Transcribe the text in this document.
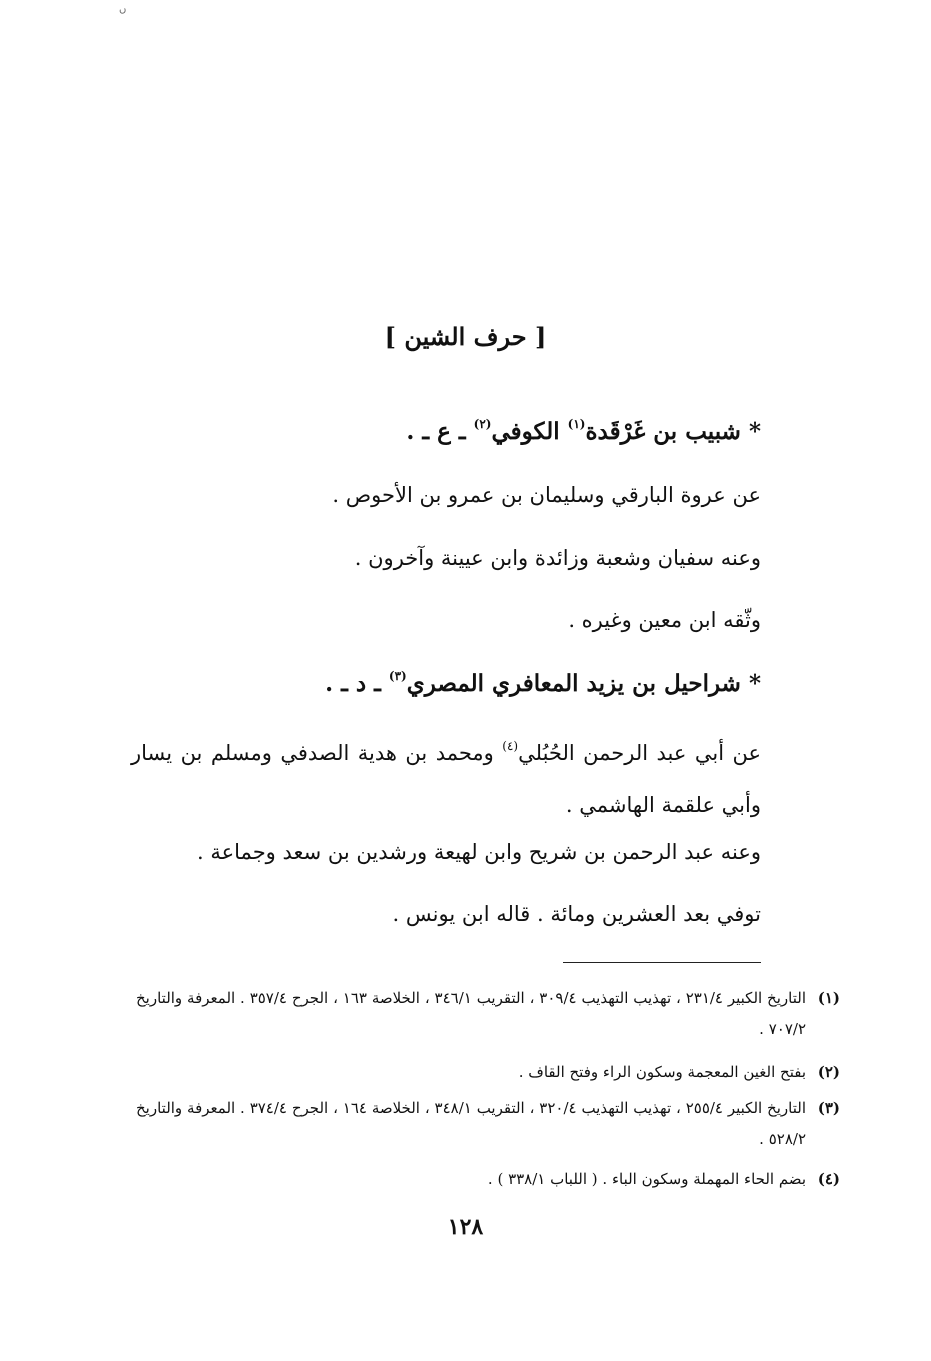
ں
[ حرف الشين ]
* شبيب بن غَرْقَدة$^{(١)}$ الكوفي$^{(٢)}$ ـ ع ـ .
عن عروة البارقي وسليمان بن عمرو بن الأحوص .
وعنه سفيان وشعبة وزائدة وابن عيينة وآخرون .
وثّقه ابن معين وغيره .
* شراحيل بن يزيد المعافري المصري$^{(٣)}$ ـ د ـ .
عن أبي عبد الرحمن الحُبُلي$^{(٤)}$ ومحمد بن هدية الصدفي ومسلم بن يسار وأبي علقمة الهاشمي .
وعنه عبد الرحمن بن شريح وابن لهيعة ورشدين بن سعد وجماعة .
توفي بعد العشرين ومائة . قاله ابن يونس .
(١)
التاريخ الكبير ٢٣١/٤ ، تهذيب التهذيب ٣٠٩/٤ ، التقريب ٣٤٦/١ ، الخلاصة ١٦٣ ، الجرح ٣٥٧/٤ . المعرفة والتاريخ ٧٠٧/٢ .
(٢)
بفتح الغين المعجمة وسكون الراء وفتح القاف .
(٣)
التاريخ الكبير ٢٥٥/٤ ، تهذيب التهذيب ٣٢٠/٤ ، التقريب ٣٤٨/١ ، الخلاصة ١٦٤ ، الجرح ٣٧٤/٤ . المعرفة والتاريخ ٥٢٨/٢ .
(٤)
بضم الحاء المهملة وسكون الباء . ( اللباب ٣٣٨/١ ) .
١٢٨
